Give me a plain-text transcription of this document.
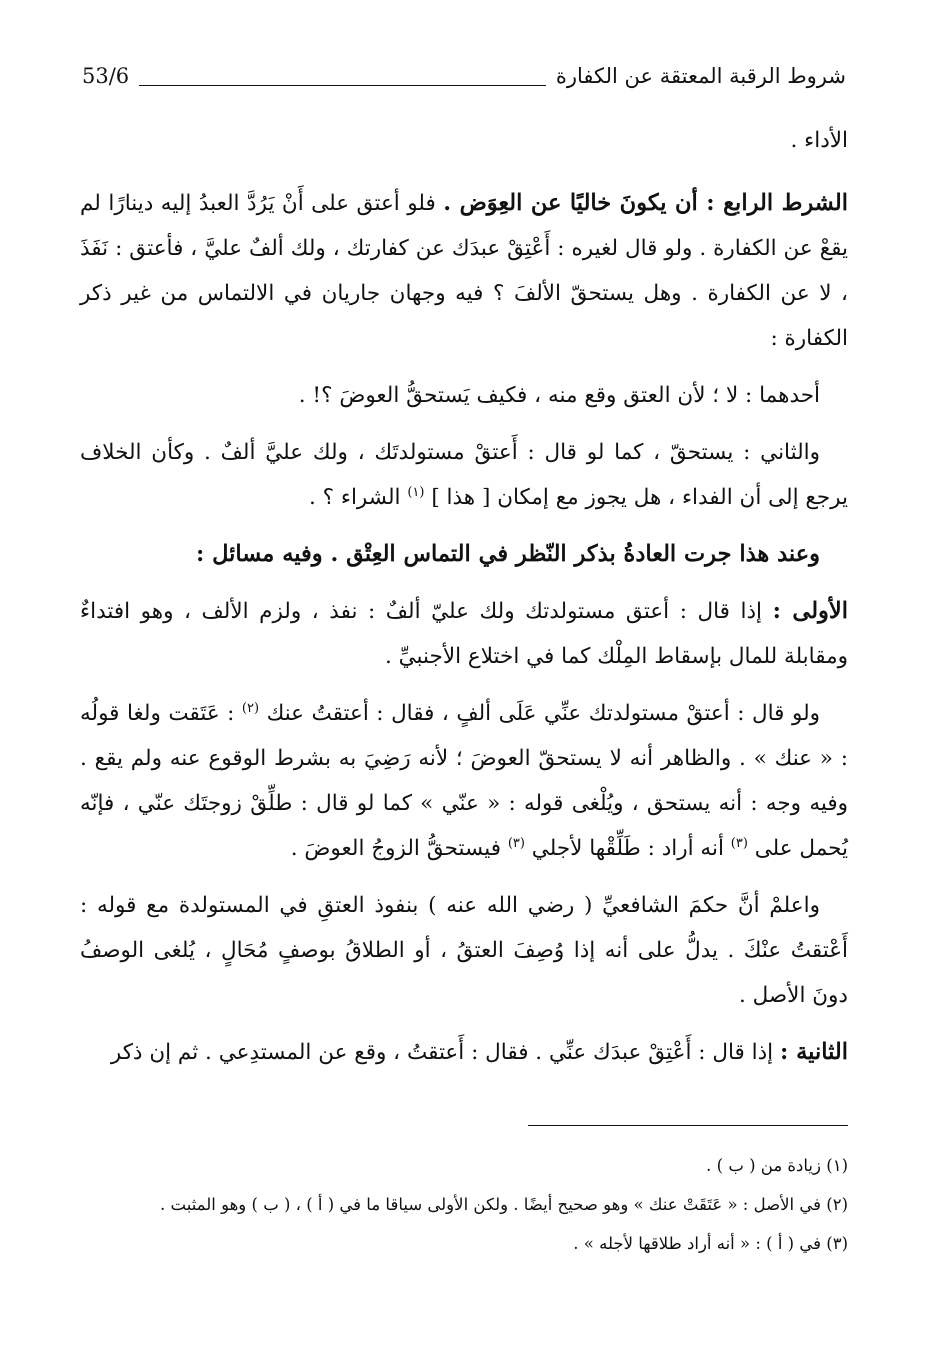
شروط الرقبة المعتقة عن الكفارة
53/6

الأداء .

الشرط الرابع : أن يكونَ خاليًا عن العِوَض . فلو أعتق على أَنْ يَرُدَّ العبدُ إليه دينارًا لم يقعْ عن الكفارة . ولو قال لغيره : أَعْتِقْ عبدَك عن كفارتك ، ولك ألفٌ عليَّ ، فأعتق : نَفَذَ ، لا عن الكفارة . وهل يستحقّ الألفَ ؟ فيه وجهان جاريان في الالتماس من غير ذكر الكفارة :

أحدهما : لا ؛ لأن العتق وقع منه ، فكيف يَستحقُّ العوضَ ؟! .

والثاني : يستحقّ ، كما لو قال : أَعتقْ مستولدتَك ، ولك عليَّ ألفٌ . وكأن الخلاف يرجع إلى أن الفداء ، هل يجوز مع إمكان [ هذا ] $^{(١)}$ الشراء ؟ .

وعند هذا جرت العادةُ بذكر النّظر في التماس العِتْق . وفيه مسائل :

الأولى : إذا قال : أعتق مستولدتك ولك عليّ ألفٌ : نفذ ، ولزم الألف ، وهو افتداءٌ ومقابلة للمال بإسقاط المِلْك كما في اختلاع الأجنبيِّ .

ولو قال : أعتقْ مستولدتك عنِّي عَلَى ألفٍ ، فقال : أعتقتُ عنك $^{(٢)}$ : عَتَقت ولغا قولُه : « عنك » . والظاهر أنه لا يستحقّ العوضَ ؛ لأنه رَضِيَ به بشرط الوقوع عنه ولم يقع . وفيه وجه : أنه يستحق ، ويُلْغى قوله : « عنّي » كما لو قال : طلِّقْ زوجتَك عنّي ، فإنّه يُحمل على $^{(٣)}$ أنه أراد : طَلِّقْها لأجلي $^{(٣)}$ فيستحقُّ الزوجُ العوضَ .

واعلمْ أنَّ حكمَ الشافعيِّ ( رضي الله عنه ) بنفوذ العتقِ في المستولدة مع قوله : أَعْتقتُ عنْكَ . يدلُّ على أنه إذا وُصِفَ العتقُ ، أو الطلاقُ بوصفٍ مُحَالٍ ، يُلغى الوصفُ دونَ الأصل .

الثانية : إذا قال : أَعْتِقْ عبدَك عنِّي . فقال : أَعتقتُ ، وقع عن المستدِعي . ثم إن ذكر

(١) زيادة من ( ب ) .

(٢) في الأصل : « عَتَقَتْ عنك » وهو صحيح أيضًا . ولكن الأولى سياقا ما في ( أ ) ، ( ب ) وهو المثبت .

(٣) في ( أ ) : « أنه أراد طلاقها لأجله » .
